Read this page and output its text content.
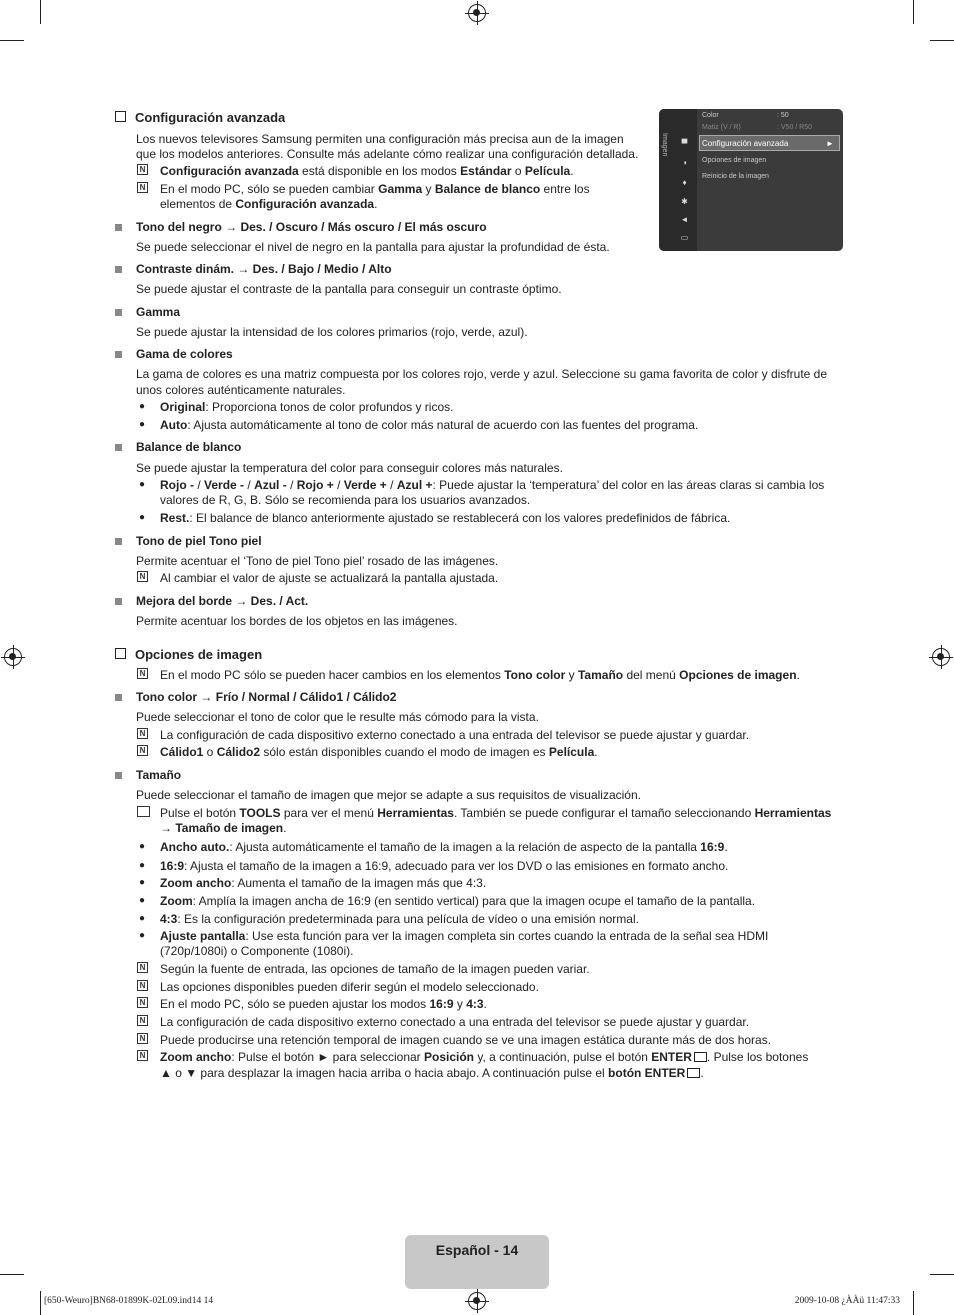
Imagen ▀
◑
♦
✱
◄
▭
Color	: 50
Matiz (V / R)	: V50 / R50
Configuración avanzada	►
Opciones de imagen
Reinicio de la imagen
Configuración avanzada
Los nuevos televisores Samsung permiten una configuración más precisa aun de la imagen
que los modelos anteriores. Consulte más adelante cómo realizar una configuración detallada.
N Configuración avanzada está disponible en los modos Estándar o Película.
N En el modo PC, sólo se pueden cambiar Gamma y Balance de blanco entre los
elementos de Configuración avanzada.
Tono del negro → Des. / Oscuro / Más oscuro / El más oscuro
Se puede seleccionar el nivel de negro en la pantalla para ajustar la profundidad de ésta.
Contraste dinám. → Des. / Bajo / Medio / Alto
Se puede ajustar el contraste de la pantalla para conseguir un contraste óptimo.
Gamma
Se puede ajustar la intensidad de los colores primarios (rojo, verde, azul).
Gama de colores
La gama de colores es una matriz compuesta por los colores rojo, verde y azul. Seleccione su gama favorita de color y disfrute de
unos colores auténticamente naturales.
● Original: Proporciona tonos de color profundos y ricos.
● Auto: Ajusta automáticamente al tono de color más natural de acuerdo con las fuentes del programa.
Balance de blanco
Se puede ajustar la temperatura del color para conseguir colores más naturales.
● Rojo - / Verde - / Azul - / Rojo + / Verde + / Azul +: Puede ajustar la ‘temperatura’ del color en las áreas claras si cambia los
valores de R, G, B. Sólo se recomienda para los usuarios avanzados.
● Rest.: El balance de blanco anteriormente ajustado se restablecerá con los valores predefinidos de fábrica.
Tono de piel Tono piel
Permite acentuar el ‘Tono de piel Tono piel’ rosado de las imágenes.
N Al cambiar el valor de ajuste se actualizará la pantalla ajustada.
Mejora del borde → Des. / Act.
Permite acentuar los bordes de los objetos en las imágenes.
Opciones de imagen
N En el modo PC sólo se pueden hacer cambios en los elementos Tono color y Tamaño del menú Opciones de imagen.
Tono color → Frío / Normal / Cálido1 / Cálido2
Puede seleccionar el tono de color que le resulte más cómodo para la vista.
N La configuración de cada dispositivo externo conectado a una entrada del televisor se puede ajustar y guardar.
N Cálido1 o Cálido2 sólo están disponibles cuando el modo de imagen es Película.
Tamaño
Puede seleccionar el tamaño de imagen que mejor se adapte a sus requisitos de visualización.
Pulse el botón TOOLS para ver el menú Herramientas. También se puede configurar el tamaño seleccionando Herramientas
→ Tamaño de imagen.
● Ancho auto.: Ajusta automáticamente el tamaño de la imagen a la relación de aspecto de la pantalla 16:9.
● 16:9: Ajusta el tamaño de la imagen a 16:9, adecuado para ver los DVD o las emisiones en formato ancho.
● Zoom ancho: Aumenta el tamaño de la imagen más que 4:3.
● Zoom: Amplía la imagen ancha de 16:9 (en sentido vertical) para que la imagen ocupe el tamaño de la pantalla.
● 4:3: Es la configuración predeterminada para una película de vídeo o una emisión normal.
● Ajuste pantalla: Use esta función para ver la imagen completa sin cortes cuando la entrada de la señal sea HDMI
(720p/1080i) o Componente (1080i).
N Según la fuente de entrada, las opciones de tamaño de la imagen pueden variar.
N Las opciones disponibles pueden diferir según el modelo seleccionado.
N En el modo PC, sólo se pueden ajustar los modos 16:9 y 4:3.
N La configuración de cada dispositivo externo conectado a una entrada del televisor se puede ajustar y guardar.
N Puede producirse una retención temporal de imagen cuando se ve una imagen estática durante más de dos horas.
N Zoom ancho: Pulse el botón ► para seleccionar Posición y, a continuación, pulse el botón ENTER . Pulse los botones
▲ o ▼ para desplazar la imagen hacia arriba o hacia abajo. A continuación pulse el botón ENTER .
Español - 14
[650-Weuro]BN68-01899K-02L09.ind14 14	2009-10-08 ¿ÀÀü 11:47:33
